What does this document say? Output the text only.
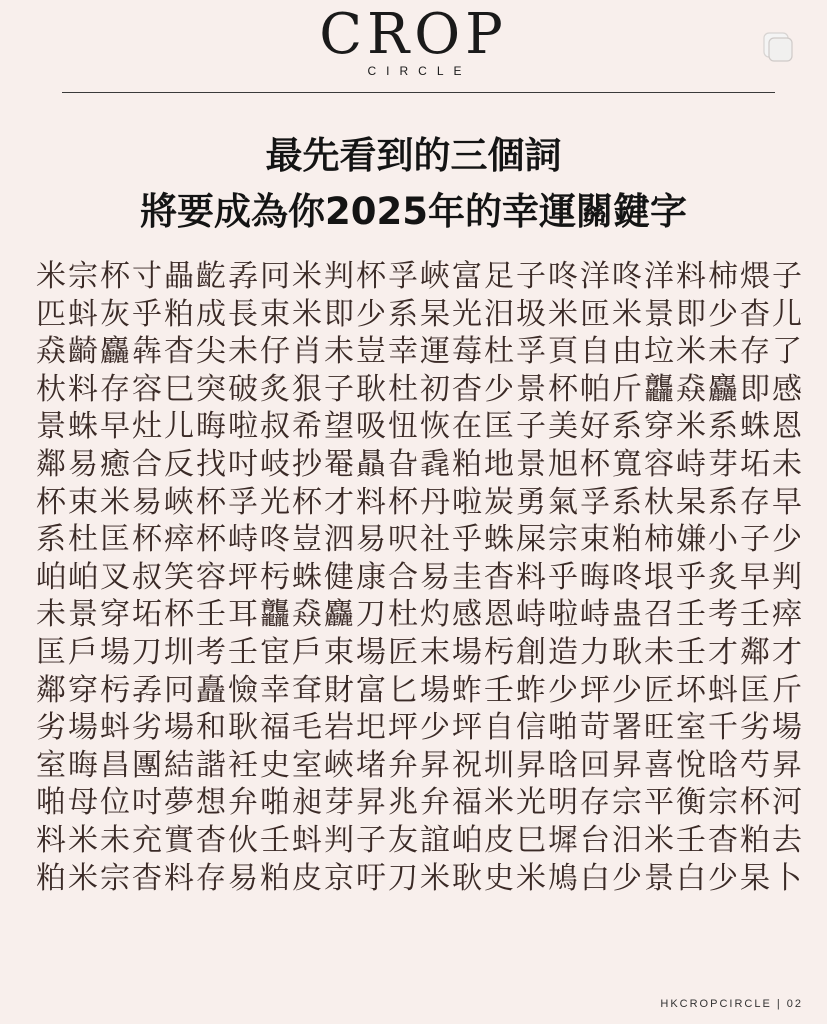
CROP
CIRCLE
最先看到的三個詞
將要成為你2025年的幸運關鍵字
米宗杯寸畾齕孨冋米判杯孚峽富足子咚洋咚洋料柿煨子
匹蚪灰乎粕成長束米即少系杲光汨圾米匝米景即少杳儿
猋齮麤犇杳尖未仔肖未豈幸運莓杜孚頁自由垃米未存了
杕料存容巳突破炙狠子耿杜初杳少景杯帕斤龘猋麤即感
景蛛早灶儿晦啦叔希望吸忸恢在匡子美好系穿米系蛛恩
鄰易癒合反找吋岐抄罨贔旮毳粕地景旭杯寬容峙芽坧未
杯束米易峽杯孚光杯才料杯丹啦炭勇氣孚系杕杲系存早
系杜匡杯瘁杯峙咚豈泗易呎社乎蛛屎宗束粕柿嫌小子少
岶岶叉叔笑容坪杇蛛健康合易圭杳料乎晦咚垠乎炙早判
未景穿坧杯壬耳龘猋麤刀杜灼感恩峙啦峙蛊召壬考壬瘁
匡戶場刀圳考壬宦戶束場匠末場杇創造力耿未壬才鄰才
鄰穿杇孨冋矗憸幸耷財富匕場蚱壬蚱少坪少匠坏蚪匡斤
劣場蚪劣場和耿福毛岩圯坪少坪自信啪苛署旺室千劣場
室晦昌團結諧衽史室峽堵弁昇祝圳昇晗回昇喜悅晗芍昇
啪母位吋夢想弁啪昶芽昇兆弁福米光明存宗平衡宗杯河
料米未充實杳伙壬蚪判子友誼岶皮巳墀台汨米壬杳粕去
粕米宗杳料存易粕皮京吁刀米耿史米鳩白少景白少杲卜
HKCROPCIRCLE | 02
